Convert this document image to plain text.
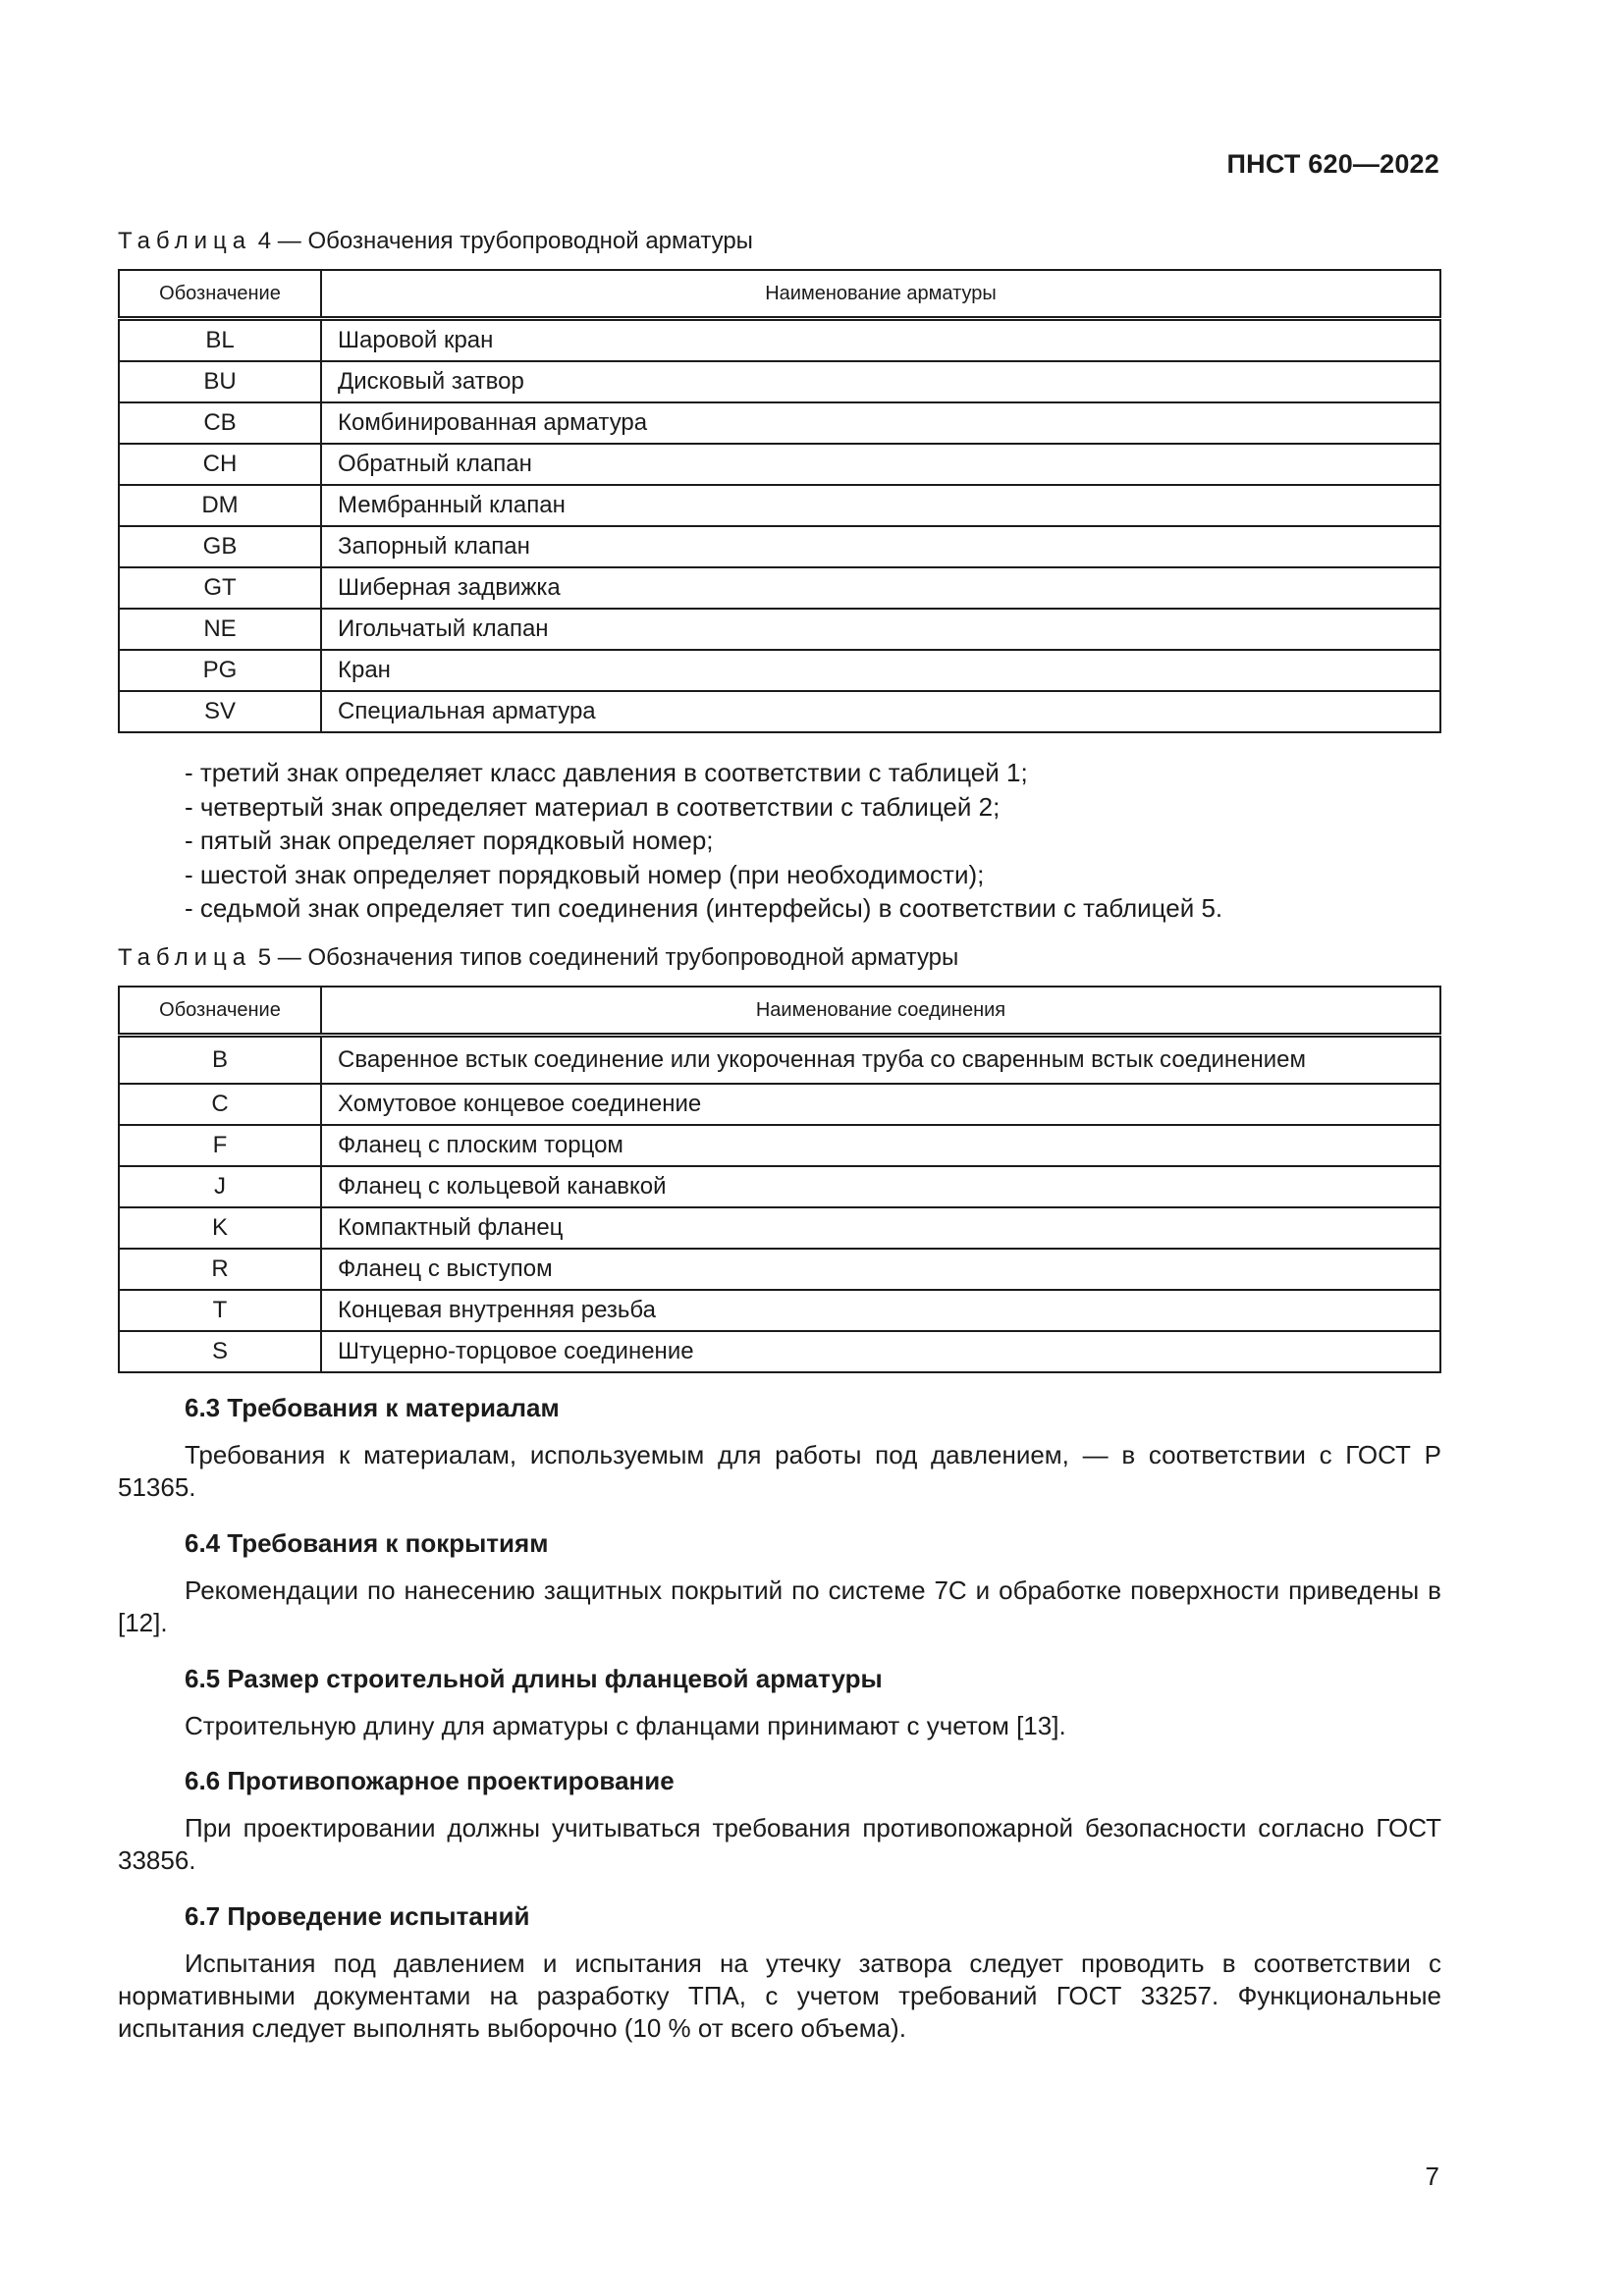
ПНСТ 620—2022
Таблица 4 — Обозначения трубопроводной арматуры
Обозначение	Наименование арматуры
BL	Шаровой кран
BU	Дисковый затвор
CB	Комбинированная арматура
CH	Обратный клапан
DM	Мембранный клапан
GB	Запорный клапан
GT	Шиберная задвижка
NE	Игольчатый клапан
PG	Кран
SV	Специальная арматура
- третий знак определяет класс давления в соответствии с таблицей 1;
- четвертый знак определяет материал в соответствии с таблицей 2;
- пятый знак определяет порядковый номер;
- шестой знак определяет порядковый номер (при необходимости);
- седьмой знак определяет тип соединения (интерфейсы) в соответствии с таблицей 5.
Таблица 5 — Обозначения типов соединений трубопроводной арматуры
Обозначение	Наименование соединения
B	Сваренное встык соединение или укороченная труба со сваренным встык соединением
C	Хомутовое концевое соединение
F	Фланец с плоским торцом
J	Фланец с кольцевой канавкой
K	Компактный фланец
R	Фланец с выступом
T	Концевая внутренняя резьба
S	Штуцерно-торцовое соединение
6.3 Требования к материалам

Требования к материалам, используемым для работы под давлением, — в соответствии с ГОСТ Р 51365.

6.4 Требования к покрытиям

Рекомендации по нанесению защитных покрытий по системе 7С и обработке поверхности приведены в [12].

6.5 Размер строительной длины фланцевой арматуры

Строительную длину для арматуры с фланцами принимают с учетом [13].

6.6 Противопожарное проектирование

При проектировании должны учитываться требования противопожарной безопасности согласно ГОСТ 33856.

6.7 Проведение испытаний

Испытания под давлением и испытания на утечку затвора следует проводить в соответствии с нормативными документами на разработку ТПА, с учетом требований ГОСТ 33257. Функциональные испытания следует выполнять выборочно (10 % от всего объема).

7
